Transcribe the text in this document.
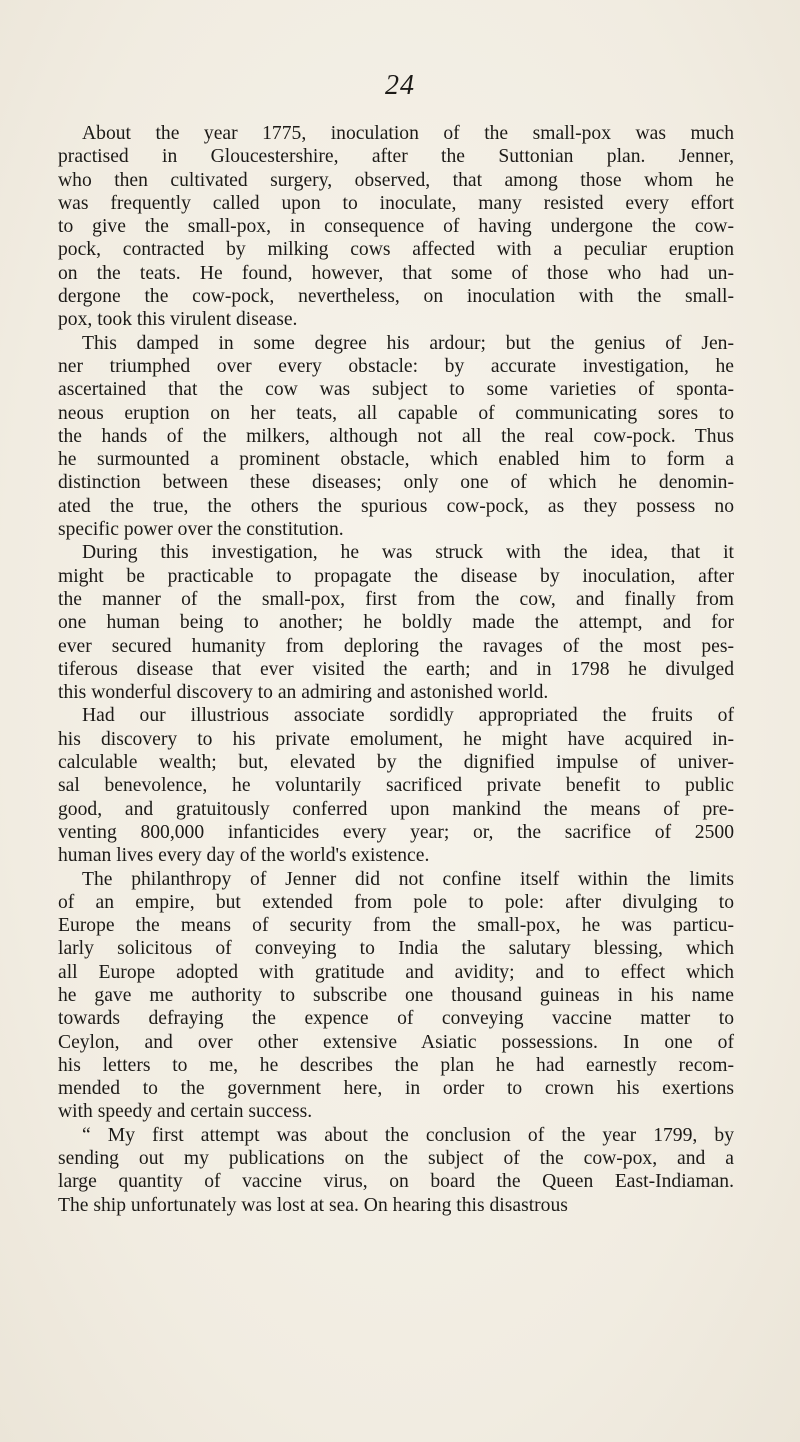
24
About the year 1775, inoculation of the small-pox was much
practised in Gloucestershire, after the Suttonian plan. Jenner,
who then cultivated surgery, observed, that among those whom he
was frequently called upon to inoculate, many resisted every effort
to give the small-pox, in consequence of having undergone the cow-
pock, contracted by milking cows affected with a peculiar eruption
on the teats. He found, however, that some of those who had un-
dergone the cow-pock, nevertheless, on inoculation with the small-
pox, took this virulent disease.
This damped in some degree his ardour; but the genius of Jen-
ner triumphed over every obstacle: by accurate investigation, he
ascertained that the cow was subject to some varieties of sponta-
neous eruption on her teats, all capable of communicating sores to
the hands of the milkers, although not all the real cow-pock. Thus
he surmounted a prominent obstacle, which enabled him to form a
distinction between these diseases; only one of which he denomin-
ated the true, the others the spurious cow-pock, as they possess no
specific power over the constitution.
During this investigation, he was struck with the idea, that it
might be practicable to propagate the disease by inoculation, after
the manner of the small-pox, first from the cow, and finally from
one human being to another; he boldly made the attempt, and for
ever secured humanity from deploring the ravages of the most pes-
tiferous disease that ever visited the earth; and in 1798 he divulged
this wonderful discovery to an admiring and astonished world.
Had our illustrious associate sordidly appropriated the fruits of
his discovery to his private emolument, he might have acquired in-
calculable wealth; but, elevated by the dignified impulse of univer-
sal benevolence, he voluntarily sacrificed private benefit to public
good, and gratuitously conferred upon mankind the means of pre-
venting 800,000 infanticides every year; or, the sacrifice of 2500
human lives every day of the world's existence.
The philanthropy of Jenner did not confine itself within the limits
of an empire, but extended from pole to pole: after divulging to
Europe the means of security from the small-pox, he was particu-
larly solicitous of conveying to India the salutary blessing, which
all Europe adopted with gratitude and avidity; and to effect which
he gave me authority to subscribe one thousand guineas in his name
towards defraying the expence of conveying vaccine matter to
Ceylon, and over other extensive Asiatic possessions. In one of
his letters to me, he describes the plan he had earnestly recom-
mended to the government here, in order to crown his exertions
with speedy and certain success.
“ My first attempt was about the conclusion of the year 1799, by
sending out my publications on the subject of the cow-pox, and a
large quantity of vaccine virus, on board the Queen East-Indiaman.
The ship unfortunately was lost at sea. On hearing this disastrous
